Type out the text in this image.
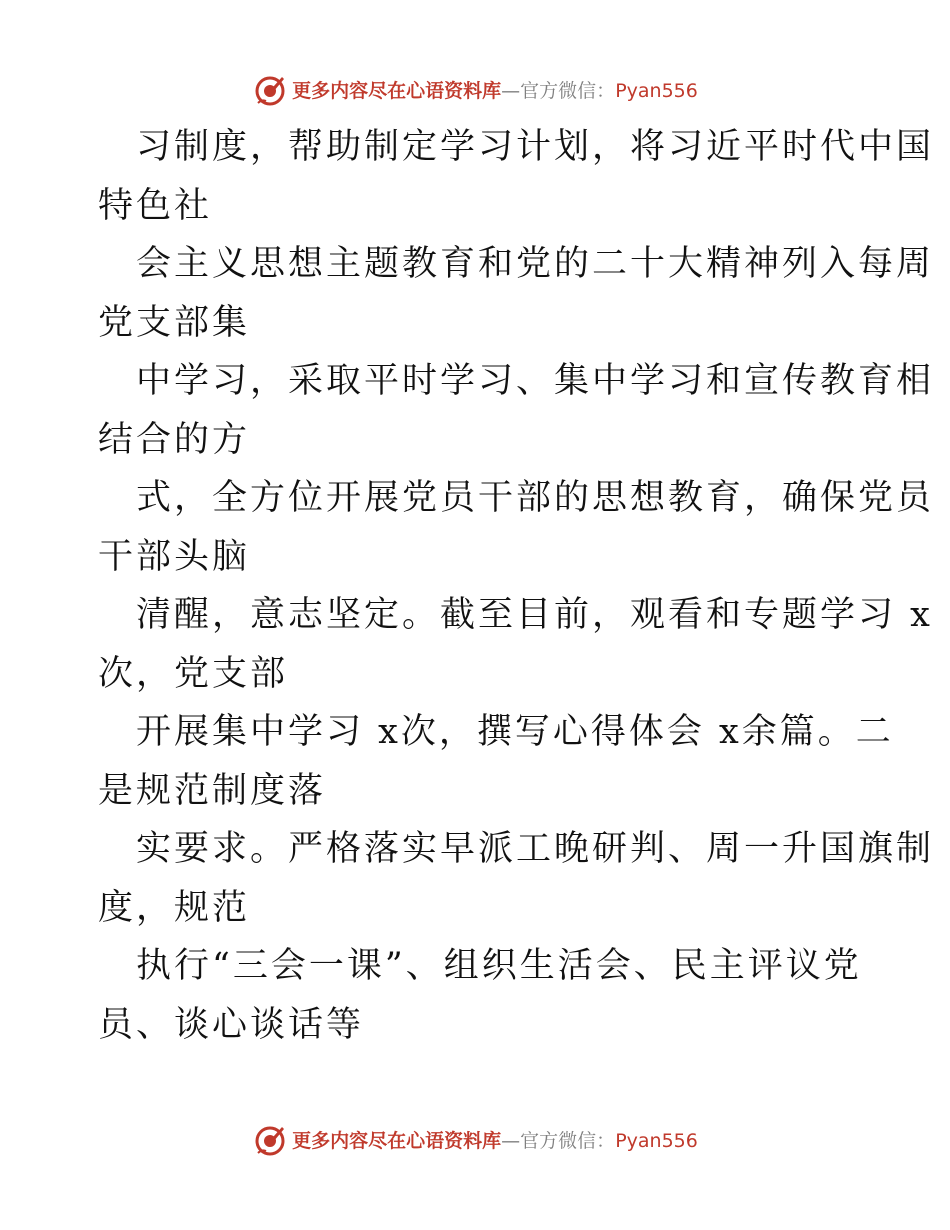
更多内容尽在心语资料库—官方微信：Pyan556
习制度，帮助制定学习计划，将习近平时代中国
特色社
会主义思想主题教育和党的二十大精神列入每周
党支部集
中学习，采取平时学习、集中学习和宣传教育相
结合的方
式，全方位开展党员干部的思想教育，确保党员
干部头脑
清醒，意志坚定。截至目前，观看和专题学习 x
次，党支部
开展集中学习 x次，撰写心得体会 x余篇。二
是规范制度落
实要求。严格落实早派工晚研判、周一升国旗制
度，规范
执行“三会一课”、组织生活会、民主评议党
员、谈心谈话等
更多内容尽在心语资料库—官方微信：Pyan556
